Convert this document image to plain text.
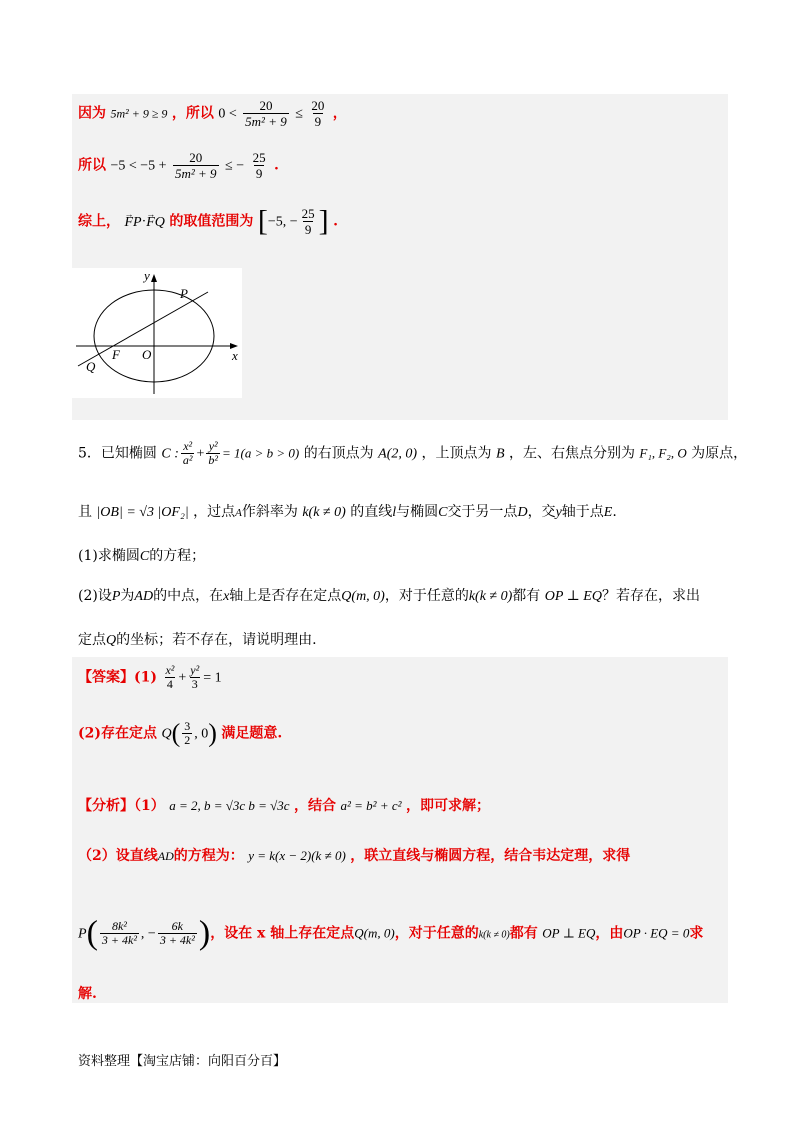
因为 5m² + 9 ≥ 9 ，所以 $0 < \frac{20}{\text{5m² + 9}} \le \frac{20}{9}$ ，
所以 $-5 < -5 + \frac{20}{\text{5m² + 9}}$ ≤ − $\frac{25}{9}$ .
综上， → FP·→ FQ 的取值范围为 [−5, − $\frac{25}{9}$ ] .
y
x
O
F
P
Q
5．已知椭圆 C : $\frac{\text{x²}}{\text{a²}} + \frac{\text{y²}}{\text{b²}} = 1(a > b > 0)$ 的右顶点为 A(2, 0) ，上顶点为 B ，左、右焦点分别为 F₁, F₂, O 为原点，
且 |OB| = √3 |OF₂| ，过点A作斜率为 k(k ≠ 0) 的直线l与椭圆C交于另一点D，交y轴于点E.
(1)求椭圆C的方程；
(2)设P为AD的中点，在x轴上是否存在定点Q(m, 0)，对于任意的k(k ≠ 0)都有 OP ⊥ EQ？若存在，求出
定点Q的坐标；若不存在，请说明理由.
【答案】$(1) \frac{\text{x²}}{4} + \frac{\text{y²}}{3} = 1$
(2)存在定点 $Q( \frac{3}{2}$ , 0) 满足题意.
【分析】（1） a = 2, b = √3c b = √3c ，结合 a² = b² + c² ，即可求解；
（2）设直线AD的方程为： y = k(x − 2)(k ≠ 0) ，联立直线与椭圆方程，结合韦达定理，求得
$P( \frac{\text{8k²}}{\text{3 + 4k²}}$ , − $\frac{6k}{\text{3 + 4k²}}$ )，设在 x 轴上存在定点Q(m, 0)，对于任意的k(k ≠ 0)都有 OP ⊥ EQ，由OP · EQ = 0求
解.
资料整理【淘宝店铺：向阳百分百】
